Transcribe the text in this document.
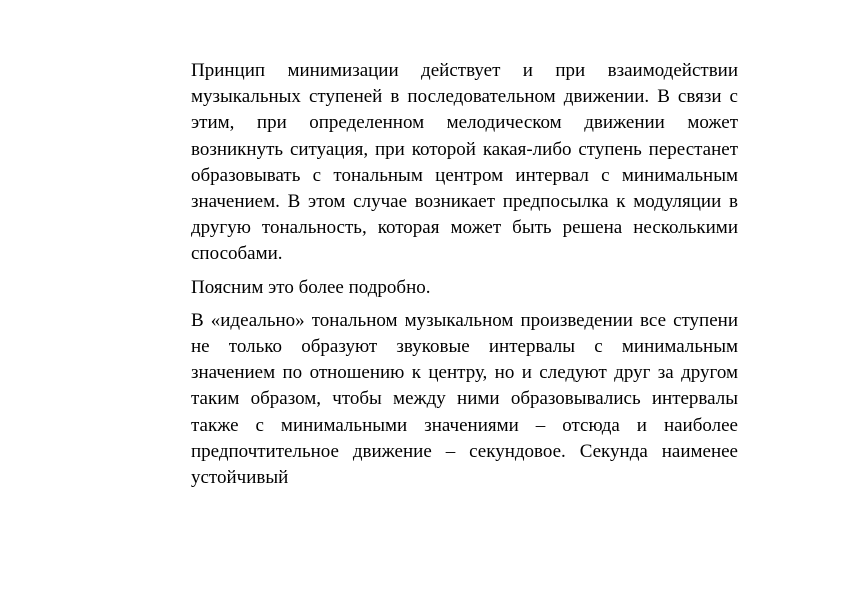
Принцип минимизации действует и при взаимодействии музыкальных ступеней в последовательном движении. В связи с этим, при определенном мелодическом движении может возникнуть ситуация, при которой какая-либо ступень перестанет образовывать с тональным центром интервал с минимальным значением. В этом случае возникает предпосылка к модуляции в другую тональность, которая может быть решена несколькими способами.

Поясним это более подробно.

В «идеально» тональном музыкальном произведении все ступени не только образуют звуковые интервалы с минимальным значением по отношению к центру, но и следуют друг за другом таким образом, чтобы между ними образовывались интервалы также с минимальными значениями – отсюда и наиболее предпочтительное движение – секундовое. Секунда наименее устойчивый
